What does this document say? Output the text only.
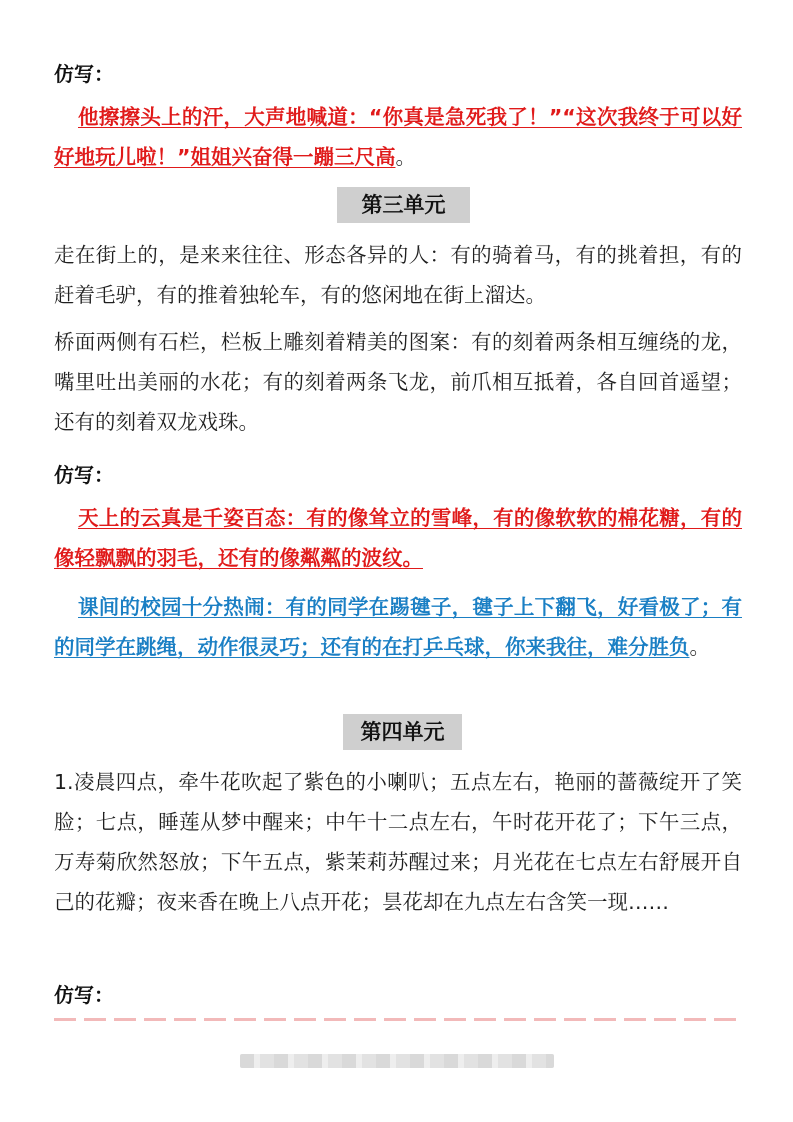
仿写：
他擦擦头上的汗，大声地喊道：“你真是急死我了！”“这次我终于可以好好地玩儿啦！”姐姐兴奋得一蹦三尺高。
第三单元
走在街上的，是来来往往、形态各异的人：有的骑着马，有的挑着担，有的赶着毛驴，有的推着独轮车，有的悠闲地在街上溜达。
桥面两侧有石栏，栏板上雕刻着精美的图案：有的刻着两条相互缠绕的龙，嘴里吐出美丽的水花；有的刻着两条飞龙，前爪相互抵着，各自回首遥望；还有的刻着双龙戏珠。
仿写：
天上的云真是千姿百态：有的像耸立的雪峰，有的像软软的棉花糖，有的像轻飘飘的羽毛，还有的像粼粼的波纹。
课间的校园十分热闹：有的同学在踢毽子，毽子上下翻飞，好看极了；有的同学在跳绳，动作很灵巧；还有的在打乒乓球，你来我往，难分胜负。
第四单元
1.凌晨四点，牵牛花吹起了紫色的小喇叭；五点左右，艳丽的蔷薇绽开了笑脸；七点，睡莲从梦中醒来；中午十二点左右，午时花开花了；下午三点，万寿菊欣然怒放；下午五点，紫茉莉苏醒过来；月光花在七点左右舒展开自己的花瓣；夜来香在晚上八点开花；昙花却在九点左右含笑一现……
仿写：
